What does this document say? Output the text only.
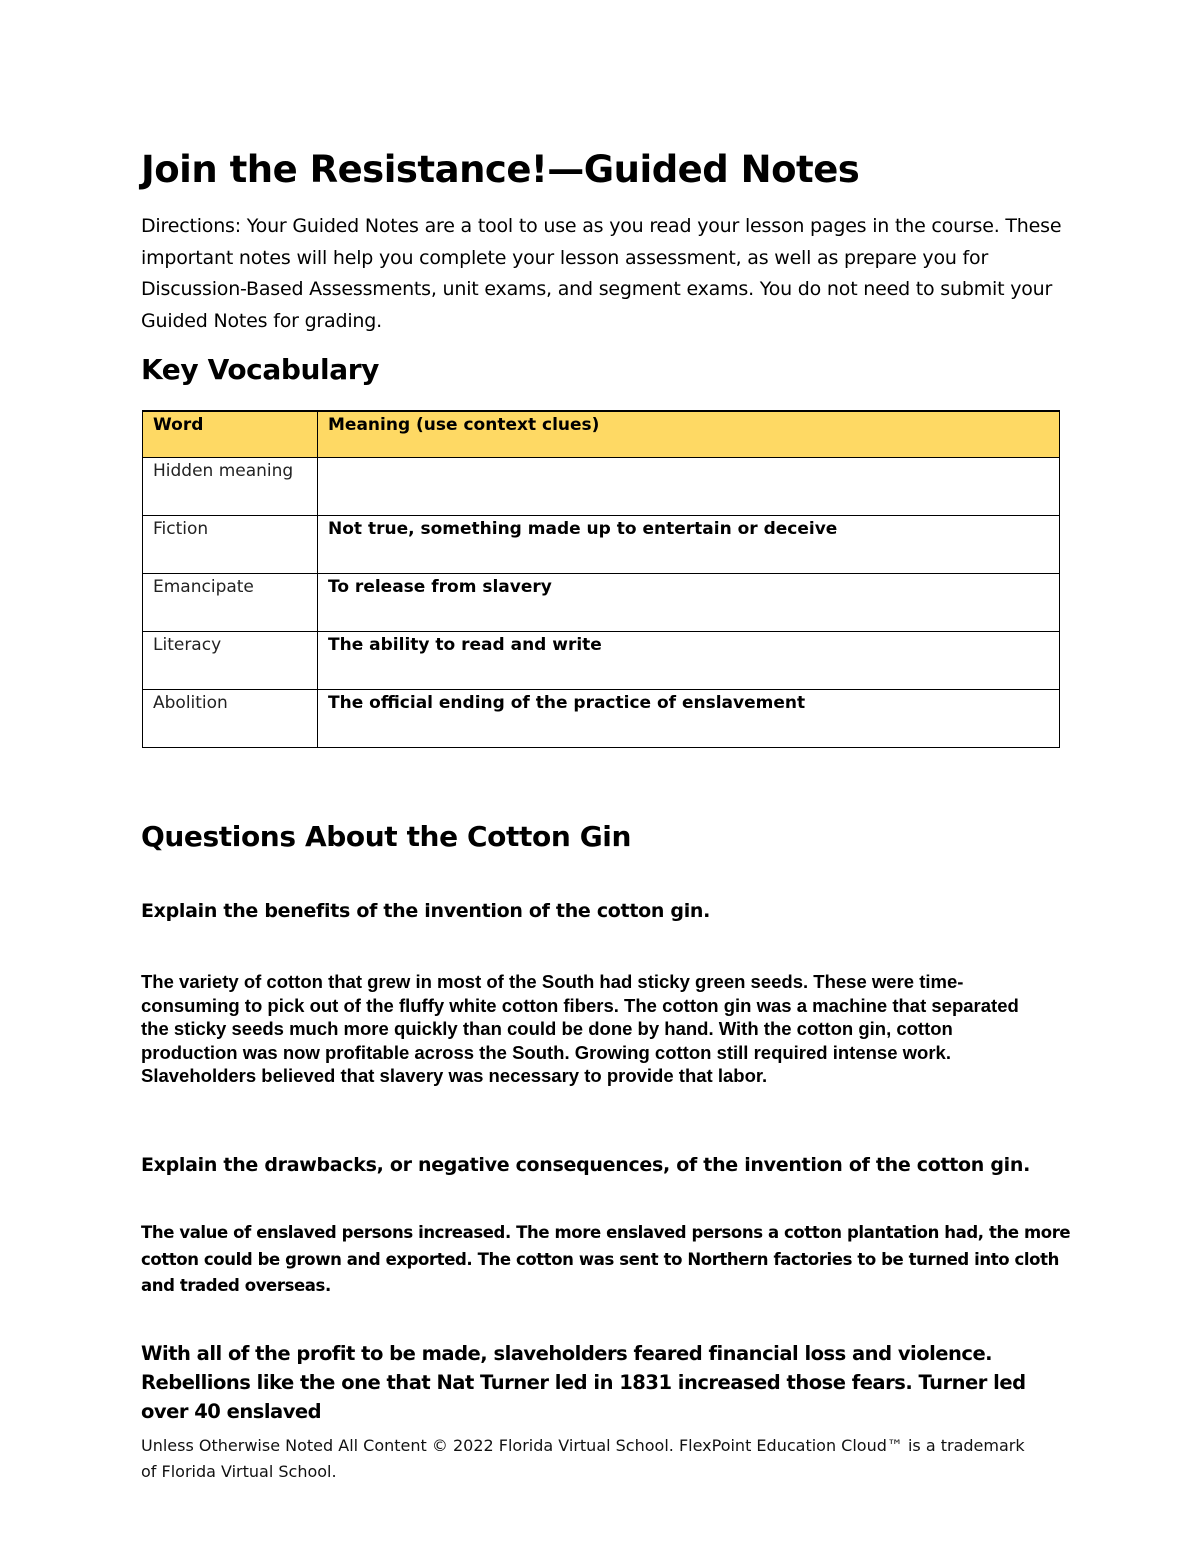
Join the Resistance!—Guided Notes

Directions: Your Guided Notes are a tool to use as you read your lesson pages in the course. These important notes will help you complete your lesson assessment, as well as prepare you for Discussion-Based Assessments, unit exams, and segment exams. You do not need to submit your Guided Notes for grading.

Key Vocabulary
Word	Meaning (use context clues)
Hidden meaning	
Fiction	Not true, something made up to entertain or deceive
Emancipate	To release from slavery
Literacy	The ability to read and write
Abolition	The official ending of the practice of enslavement
Questions About the Cotton Gin

Explain the benefits of the invention of the cotton gin.

The variety of cotton that grew in most of the South had sticky green seeds. These were time-consuming to pick out of the fluffy white cotton fibers. The cotton gin was a machine that separated the sticky seeds much more quickly than could be done by hand. With the cotton gin, cotton production was now profitable across the South. Growing cotton still required intense work. Slaveholders believed that slavery was necessary to provide that labor.

Explain the drawbacks, or negative consequences, of the invention of the cotton gin.

The value of enslaved persons increased. The more enslaved persons a cotton plantation had, the more cotton could be grown and exported. The cotton was sent to Northern factories to be turned into cloth and traded overseas.

With all of the profit to be made, slaveholders feared financial loss and violence. Rebellions like the one that Nat Turner led in 1831 increased those fears. Turner led over 40 enslaved

Unless Otherwise Noted All Content © 2022 Florida Virtual School. FlexPoint Education Cloud™ is a trademark of Florida Virtual School.
